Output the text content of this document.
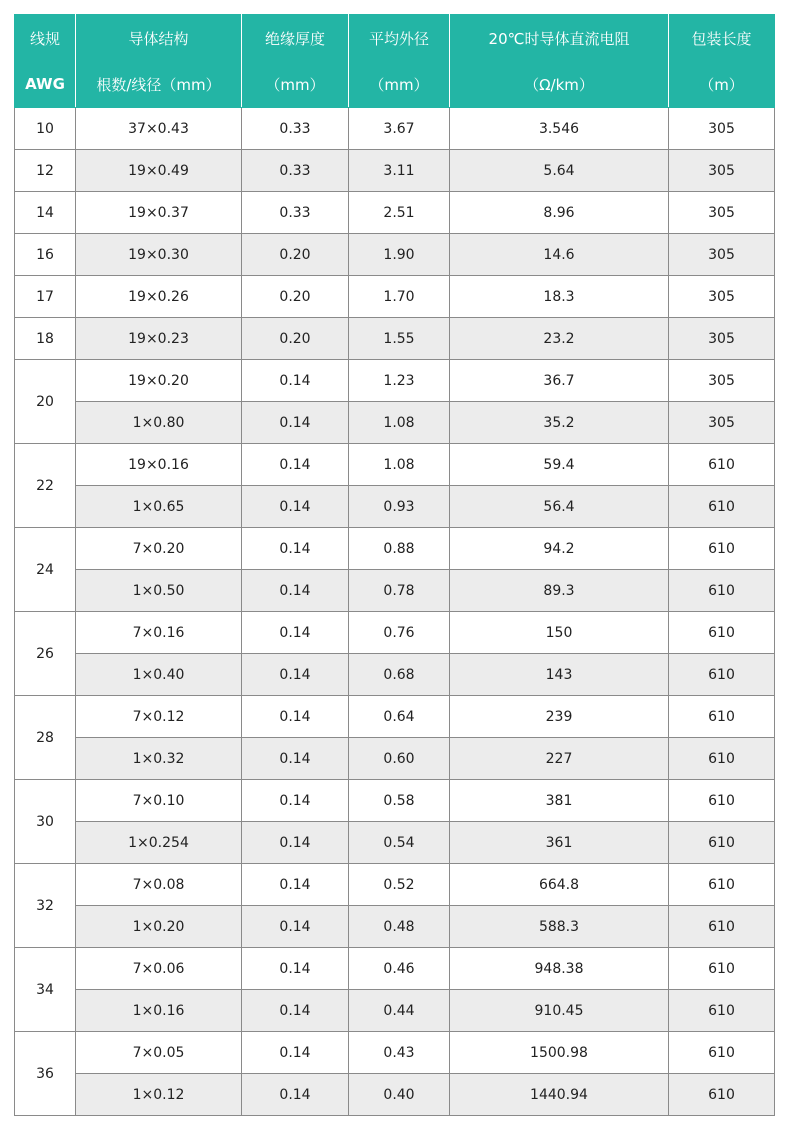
线规	导体结构	绝缘厚度	平均外径	20℃时导体直流电阻	包装长度
AWG	根数/线径（mm）	（mm）	（mm）	（Ω/km）	（m）
10	37×0.43	0.33	3.67	3.546	305
12	19×0.49	0.33	3.11	5.64	305
14	19×0.37	0.33	2.51	8.96	305
16	19×0.30	0.20	1.90	14.6	305
17	19×0.26	0.20	1.70	18.3	305
18	19×0.23	0.20	1.55	23.2	305
20	19×0.20	0.14	1.23	36.7	305
	1×0.80	0.14	1.08	35.2	305
22	19×0.16	0.14	1.08	59.4	610
	1×0.65	0.14	0.93	56.4	610
24	7×0.20	0.14	0.88	94.2	610
	1×0.50	0.14	0.78	89.3	610
26	7×0.16	0.14	0.76	150	610
	1×0.40	0.14	0.68	143	610
28	7×0.12	0.14	0.64	239	610
	1×0.32	0.14	0.60	227	610
30	7×0.10	0.14	0.58	381	610
	1×0.254	0.14	0.54	361	610
32	7×0.08	0.14	0.52	664.8	610
	1×0.20	0.14	0.48	588.3	610
34	7×0.06	0.14	0.46	948.38	610
	1×0.16	0.14	0.44	910.45	610
36	7×0.05	0.14	0.43	1500.98	610
	1×0.12	0.14	0.40	1440.94	610
